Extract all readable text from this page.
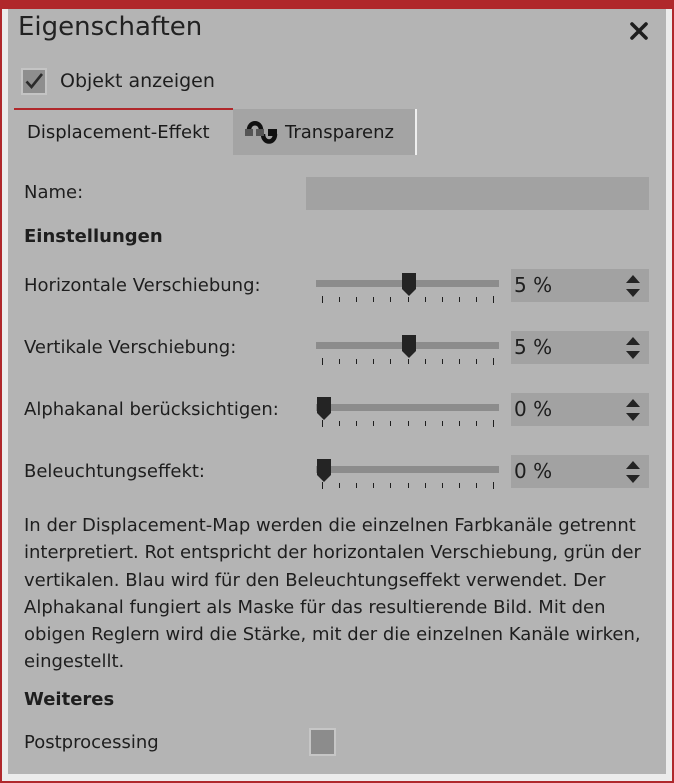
Eigenschaften
Objekt anzeigen
Displacement-Effekt	Transparenz
Name:
Einstellungen
Horizontale Verschiebung:	5 %
Vertikale Verschiebung:	5 %
Alphakanal berücksichtigen:	0 %
Beleuchtungseffekt:	0 %
In der Displacement-Map werden die einzelnen Farbkanäle getrennt interpretiert. Rot entspricht der horizontalen Verschiebung, grün der vertikalen. Blau wird für den Beleuchtungseffekt verwendet. Der Alphakanal fungiert als Maske für das resultierende Bild. Mit den obigen Reglern wird die Stärke, mit der die einzelnen Kanäle wirken, eingestellt.
Weiteres
Postprocessing
